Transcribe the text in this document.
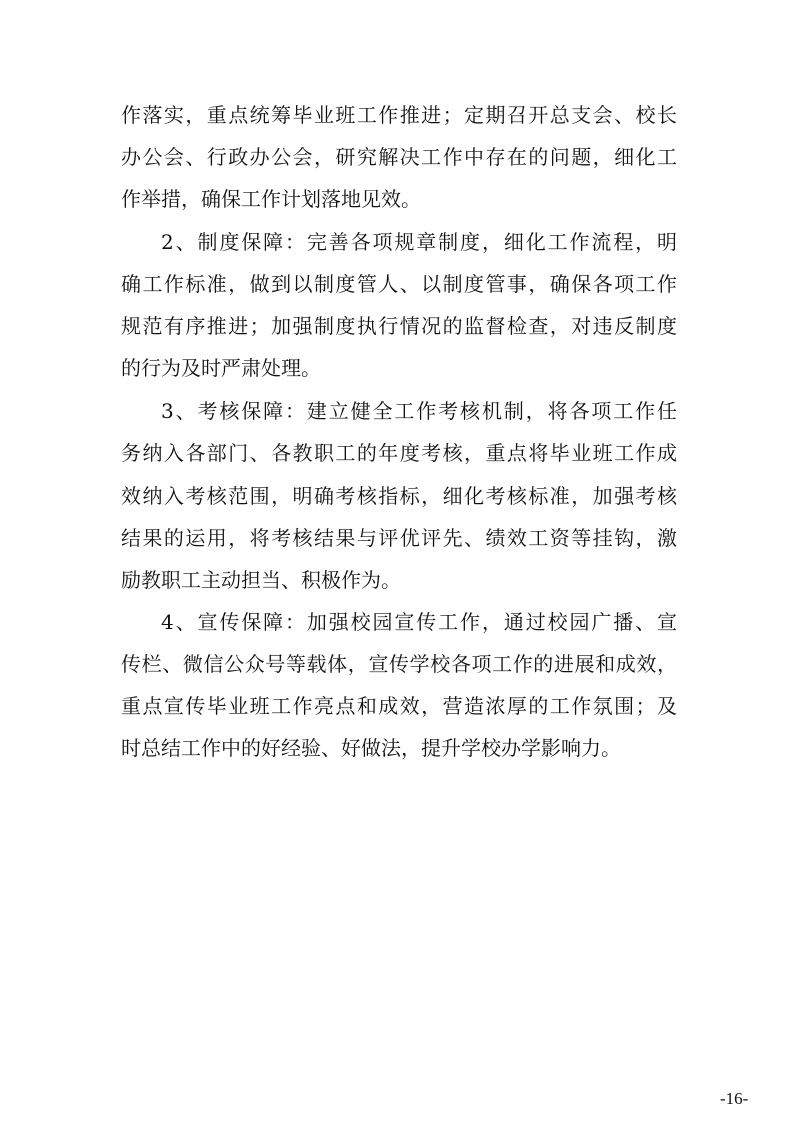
作落实，重点统筹毕业班工作推进；定期召开总支会、校长
办公会、行政办公会，研究解决工作中存在的问题，细化工
作举措，确保工作计划落地见效。
2、制度保障：完善各项规章制度，细化工作流程，明
确工作标准，做到以制度管人、以制度管事，确保各项工作
规范有序推进；加强制度执行情况的监督检查，对违反制度
的行为及时严肃处理。
3、考核保障：建立健全工作考核机制，将各项工作任
务纳入各部门、各教职工的年度考核，重点将毕业班工作成
效纳入考核范围，明确考核指标，细化考核标准，加强考核
结果的运用，将考核结果与评优评先、绩效工资等挂钩，激
励教职工主动担当、积极作为。
4、宣传保障：加强校园宣传工作，通过校园广播、宣
传栏、微信公众号等载体，宣传学校各项工作的进展和成效，
重点宣传毕业班工作亮点和成效，营造浓厚的工作氛围；及
时总结工作中的好经验、好做法，提升学校办学影响力。
-16-
